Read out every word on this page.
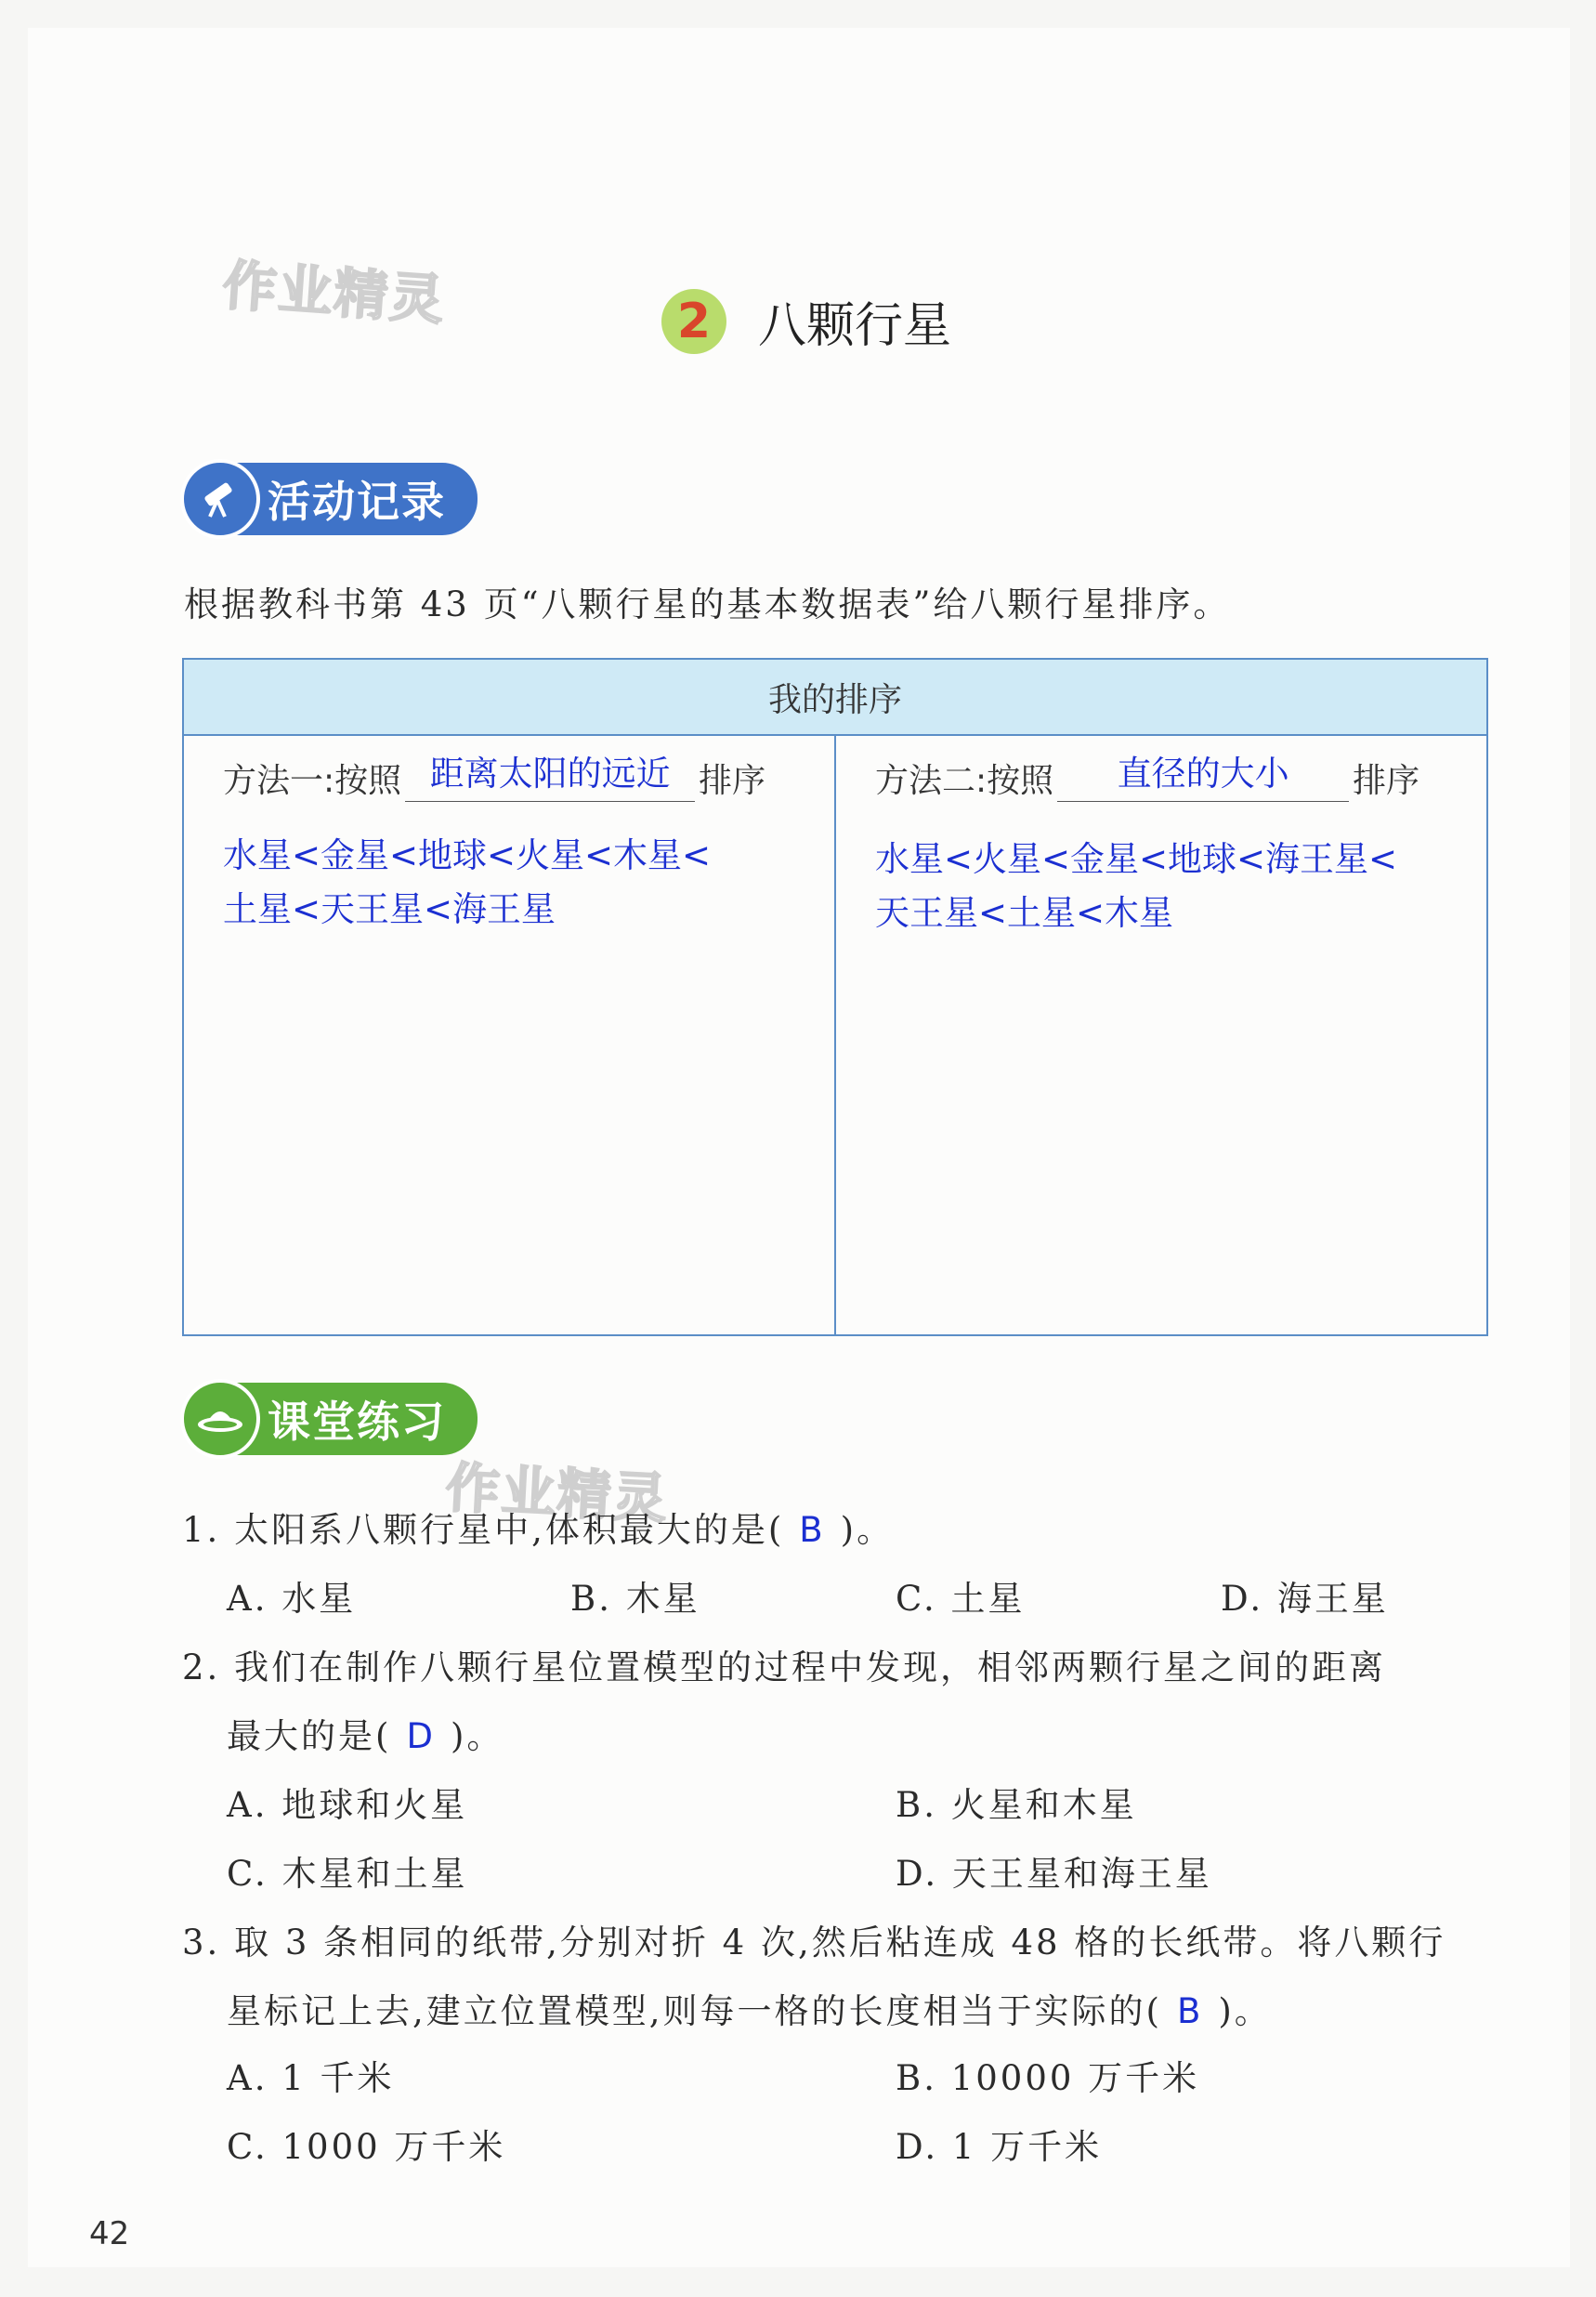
作业精灵
作业精灵
2 八颗行星
活动记录
根据教科书第 43 页“八颗行星的基本数据表”给八颗行星排序。
我的排序
方法一:按照 距离太阳的远近 排序
水星<金星<地球<火星<木星<
土星<天王星<海王星
方法二:按照	直径的大小	排序
水星<火星<金星<地球<海王星<
天王星<土星<木星
课堂练习
1. 太阳系八颗行星中,体积最大的是( B )。
A. 水星	B. 木星	C. 土星	D. 海王星
2. 我们在制作八颗行星位置模型的过程中发现，相邻两颗行星之间的距离
最大的是( D )。
A. 地球和火星	B. 火星和木星
C. 木星和土星	D. 天王星和海王星
3. 取 3 条相同的纸带,分别对折 4 次,然后粘连成 48 格的长纸带。将八颗行
星标记上去,建立位置模型,则每一格的长度相当于实际的( B )。
A. 1 千米	B. 10000 万千米
C. 1000 万千米	D. 1 万千米
42
